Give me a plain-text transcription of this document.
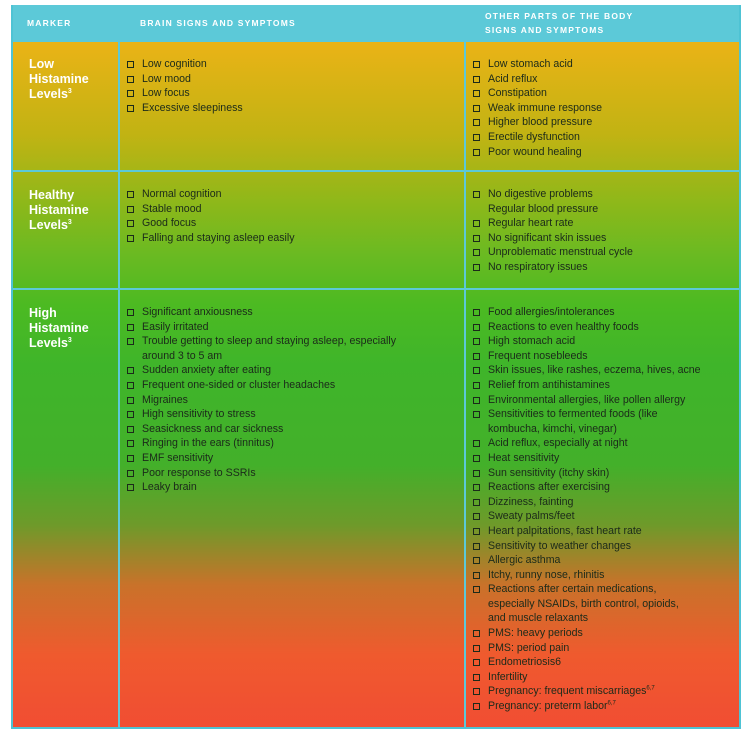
MARKER	BRAIN SIGNS AND SYMPTOMS
OTHER PARTS OF THE BODY
SIGNS AND SYMPTOMS
Low
Histamine
Levels$^3$
Healthy
Histamine
Levels$^3$
High
Histamine
Levels$^3$
Low cognition
Low mood
Low focus
Excessive sleepiness
Low stomach acid
Acid reflux
Constipation
Weak immune response
Higher blood pressure
Erectile dysfunction
Poor wound healing
Normal cognition
Stable mood
Good focus
Falling and staying asleep easily
No digestive problems
Regular blood pressure
Regular heart rate
No significant skin issues
Unproblematic menstrual cycle
No respiratory issues
Significant anxiousness
Easily irritated
Trouble getting to sleep and staying asleep, especially
around 3 to 5 am
Sudden anxiety after eating
Frequent one-sided or cluster headaches
Migraines
High sensitivity to stress
Seasickness and car sickness
Ringing in the ears (tinnitus)
EMF sensitivity
Poor response to SSRIs
Leaky brain
Food allergies/intolerances
Reactions to even healthy foods
High stomach acid
Frequent nosebleeds
Skin issues, like rashes, eczema, hives, acne
Relief from antihistamines
Environmental allergies, like pollen allergy
Sensitivities to fermented foods (like
kombucha, kimchi, vinegar)
Acid reflux, especially at night
Heat sensitivity
Sun sensitivity (itchy skin)
Reactions after exercising
Dizziness, fainting
Sweaty palms/feet
Heart palpitations, fast heart rate
Sensitivity to weather changes
Allergic asthma
Itchy, runny nose, rhinitis
Reactions after certain medications,
especially NSAIDs, birth control, opioids,
and muscle relaxants
PMS: heavy periods
PMS: period pain
Endometriosis6
Infertility
Pregnancy: frequent miscarriages$^{6,7}$
Pregnancy: preterm labor$^{6,7}$
